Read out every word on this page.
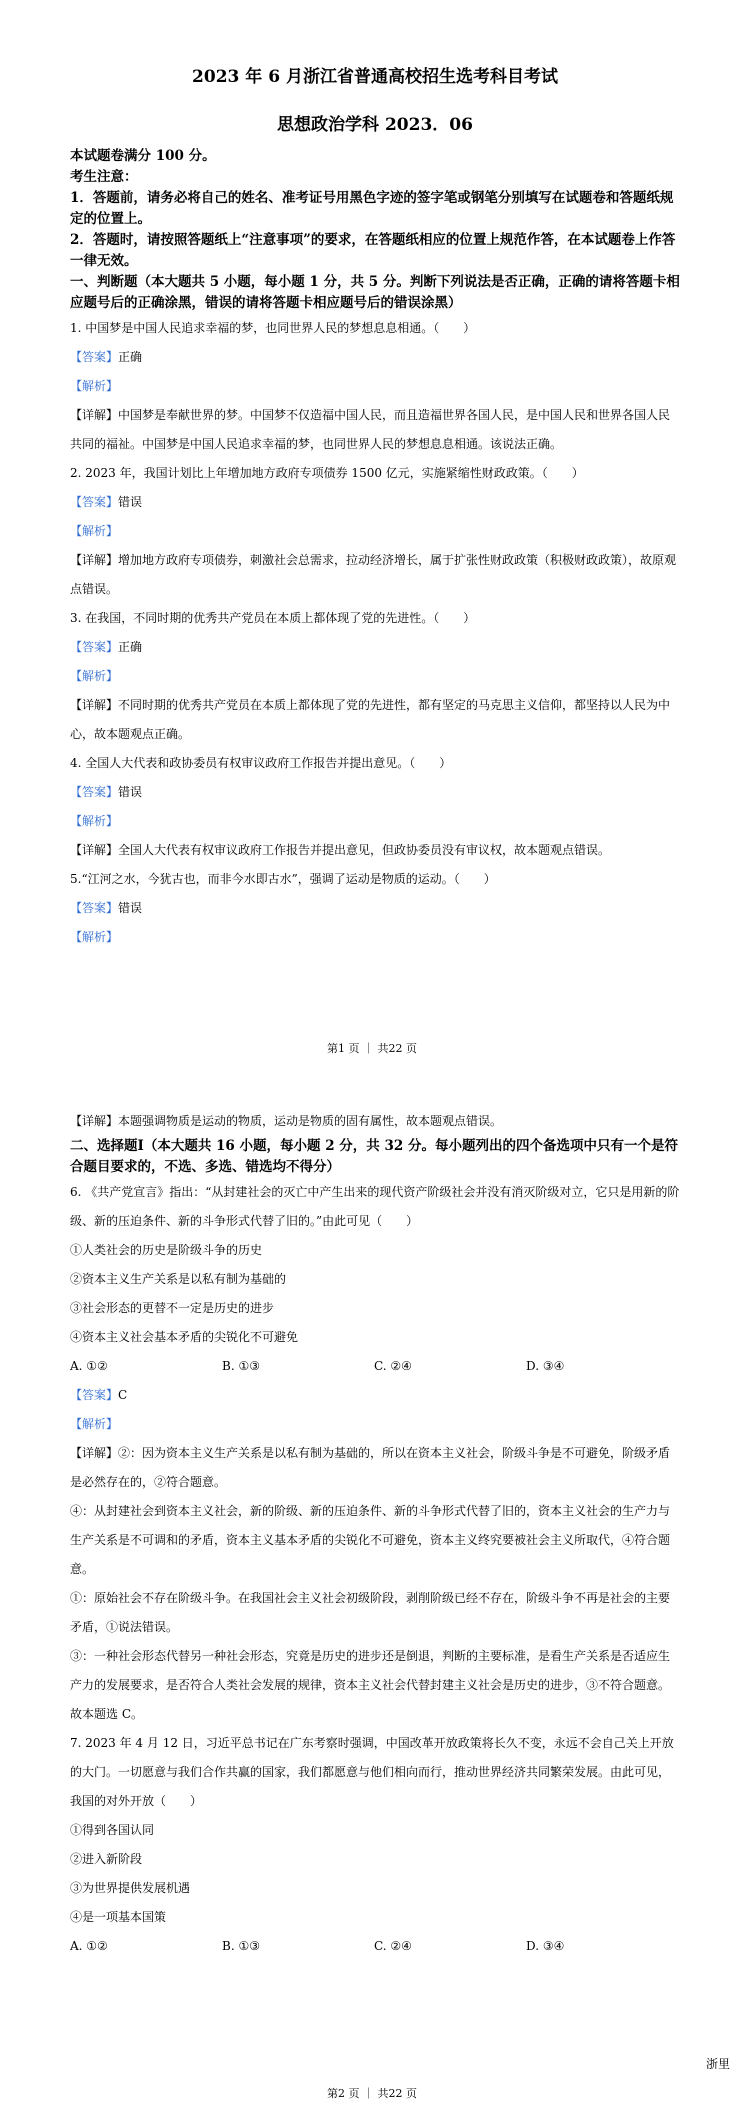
2023 年 6 月浙江省普通高校招生选考科目考试

思想政治学科 2023．06

本试题卷满分 100 分。

考生注意：

1．答题前，请务必将自己的姓名、准考证号用黑色字迹的签字笔或钢笔分别填写在试题卷和答题纸规定的位置上。

2．答题时，请按照答题纸上“注意事项”的要求，在答题纸相应的位置上规范作答，在本试题卷上作答一律无效。

一、判断题（本大题共 5 小题，每小题 1 分，共 5 分。判断下列说法是否正确，正确的请将答题卡相应题号后的正确涂黑，错误的请将答题卡相应题号后的错误涂黑）

1. 中国梦是中国人民追求幸福的梦，也同世界人民的梦想息息相通。（　　）

【答案】正确

【解析】

【详解】中国梦是奉献世界的梦。中国梦不仅造福中国人民，而且造福世界各国人民，是中国人民和世界各国人民共同的福祉。中国梦是中国人民追求幸福的梦，也同世界人民的梦想息息相通。该说法正确。

2. 2023 年，我国计划比上年增加地方政府专项债券 1500 亿元，实施紧缩性财政政策。（　　）

【答案】错误

【解析】

【详解】增加地方政府专项债券，刺激社会总需求，拉动经济增长，属于扩张性财政政策（积极财政政策），故原观点错误。

3. 在我国，不同时期的优秀共产党员在本质上都体现了党的先进性。（　　）

【答案】正确

【解析】

【详解】不同时期的优秀共产党员在本质上都体现了党的先进性，都有坚定的马克思主义信仰，都坚持以人民为中心，故本题观点正确。

4. 全国人大代表和政协委员有权审议政府工作报告并提出意见。（　　）

【答案】错误

【解析】

【详解】全国人大代表有权审议政府工作报告并提出意见，但政协委员没有审议权，故本题观点错误。

5.“江河之水，今犹古也，而非今水即古水”，强调了运动是物质的运动。（　　）

【答案】错误

【解析】

第1 页 ｜ 共22 页

【详解】本题强调物质是运动的物质，运动是物质的固有属性，故本题观点错误。

二、选择题Ⅰ（本大题共 16 小题，每小题 2 分，共 32 分。每小题列出的四个备选项中只有一个是符合题目要求的，不选、多选、错选均不得分）

6. 《共产党宣言》指出：“从封建社会的灭亡中产生出来的现代资产阶级社会并没有消灭阶级对立，它只是用新的阶级、新的压迫条件、新的斗争形式代替了旧的。”由此可见（　　）

①人类社会的历史是阶级斗争的历史

②资本主义生产关系是以私有制为基础的

③社会形态的更替不一定是历史的进步

④资本主义社会基本矛盾的尖锐化不可避免

A. ①②	B. ①③	C. ②④	D. ③④

【答案】C

【解析】

【详解】②：因为资本主义生产关系是以私有制为基础的，所以在资本主义社会，阶级斗争是不可避免，阶级矛盾是必然存在的，②符合题意。

④：从封建社会到资本主义社会，新的阶级、新的压迫条件、新的斗争形式代替了旧的，资本主义社会的生产力与生产关系是不可调和的矛盾，资本主义基本矛盾的尖锐化不可避免，资本主义终究要被社会主义所取代，④符合题意。

①：原始社会不存在阶级斗争。在我国社会主义社会初级阶段，剥削阶级已经不存在，阶级斗争不再是社会的主要矛盾，①说法错误。

③：一种社会形态代替另一种社会形态，究竟是历史的进步还是倒退，判断的主要标准，是看生产关系是否适应生产力的发展要求，是否符合人类社会发展的规律，资本主义社会代替封建主义社会是历史的进步，③不符合题意。

故本题选 C。

7. 2023 年 4 月 12 日，习近平总书记在广东考察时强调，中国改革开放政策将长久不变，永远不会自己关上开放的大门。一切愿意与我们合作共赢的国家，我们都愿意与他们相向而行，推动世界经济共同繁荣发展。由此可见，我国的对外开放（　　）

①得到各国认同

②进入新阶段

③为世界提供发展机遇

④是一项基本国策

A. ①②	B. ①③	C. ②④	D. ③④
浙里
第2 页 ｜ 共22 页
